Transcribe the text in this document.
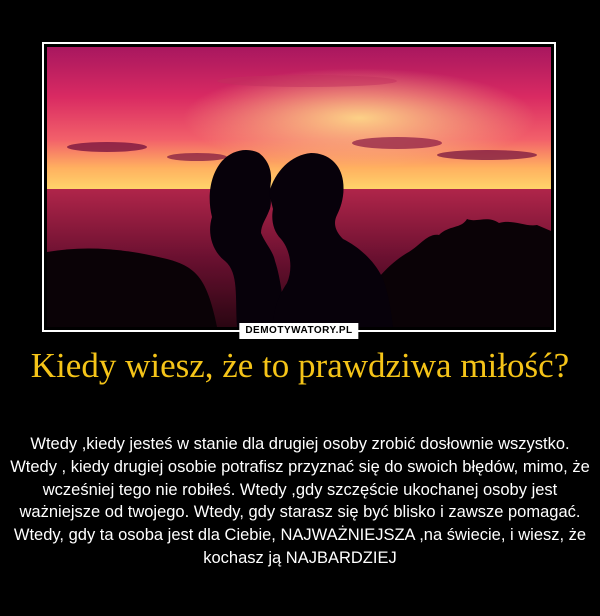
DEMOTYWATORY.PL
Kiedy wiesz, że to prawdziwa miłość?
Wtedy ,kiedy jesteś w stanie dla drugiej osoby zrobić dosłownie wszystko. Wtedy , kiedy drugiej osobie potrafisz przyznać się do swoich błędów, mimo, że wcześniej tego nie robiłeś. Wtedy ,gdy szczęście ukochanej osoby jest ważniejsze od twojego. Wtedy, gdy starasz się być blisko i zawsze pomagać. Wtedy, gdy ta osoba jest dla Ciebie, NAJWAŻNIEJSZA ,na świecie, i wiesz, że kochasz ją NAJBARDZIEJ
